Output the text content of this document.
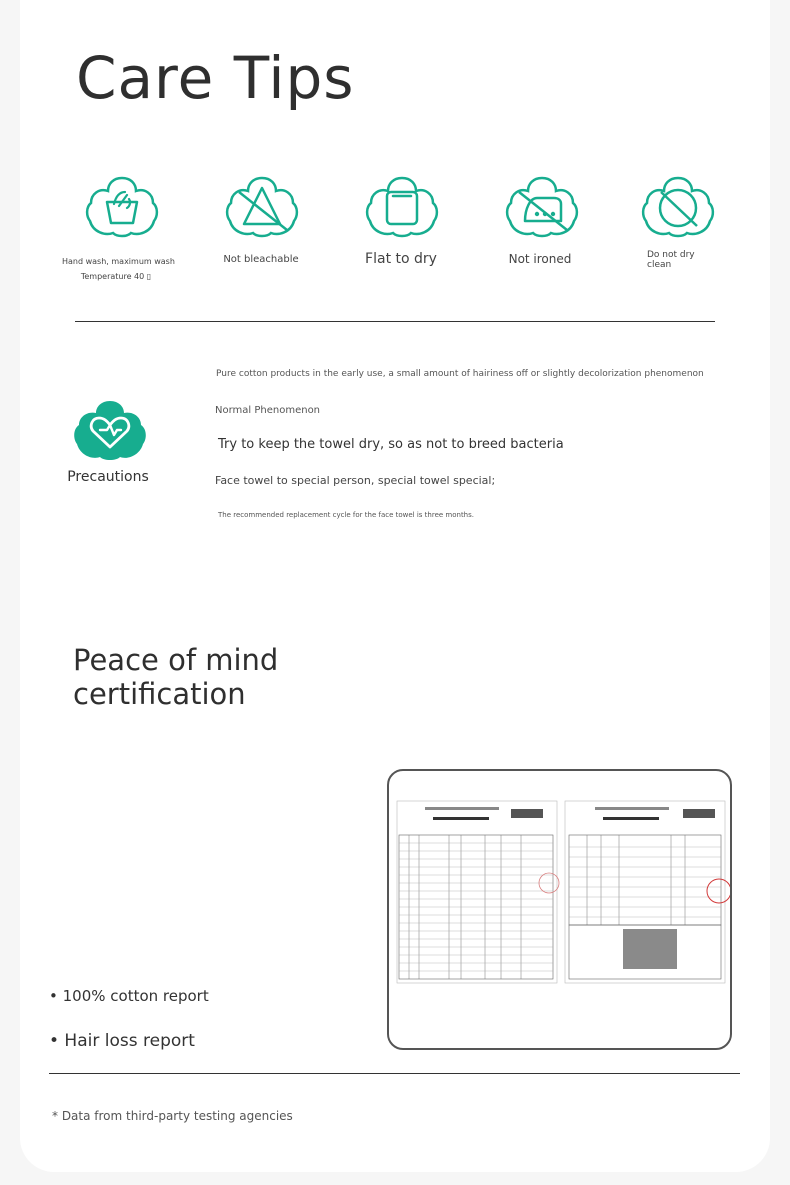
Care Tips
Hand wash, maximum wash
Temperature 40 ▯
Not bleachable	Flat to dry	Not ironed	Do not dry
clean
Precautions
Pure cotton products in the early use, a small amount of hairiness off or slightly decolorization phenomenon
Normal Phenomenon
Try to keep the towel dry, so as not to breed bacteria
Face towel to special person, special towel special;
The recommended replacement cycle for the face towel is three months.
Peace of mind
certification
• 100% cotton report
• Hair loss report
* Data from third-party testing agencies
